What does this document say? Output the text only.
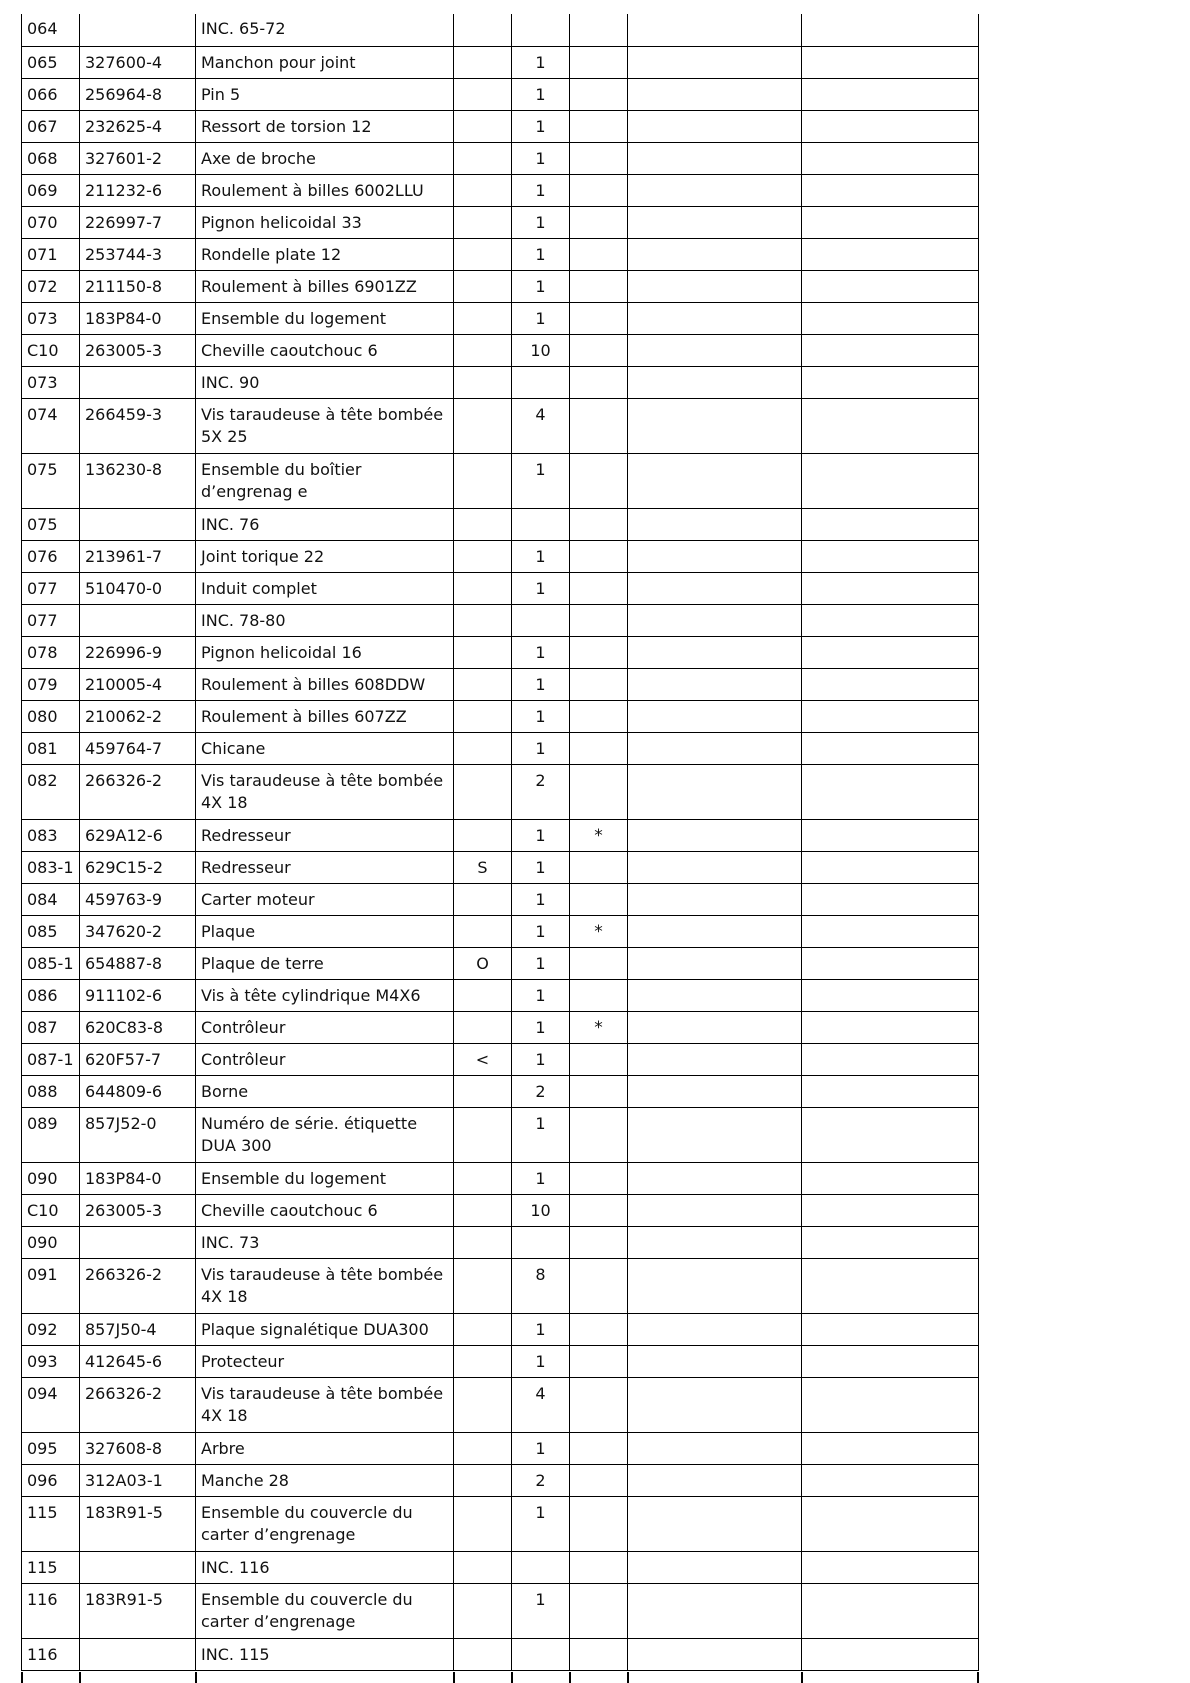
064		INC. 65-72					
065	327600-4	Manchon pour joint		1			
066	256964-8	Pin 5		1			
067	232625-4	Ressort de torsion 12		1			
068	327601-2	Axe de broche		1			
069	211232-6	Roulement à billes 6002LLU		1			
070	226997-7	Pignon helicoidal 33		1			
071	253744-3	Rondelle plate 12		1			
072	211150-8	Roulement à billes 6901ZZ		1			
073	183P84-0	Ensemble du logement		1			
C10	263005-3	Cheville caoutchouc 6		10			
073		INC. 90					
074	266459-3	Vis taraudeuse à tête bombée 5X 25		4			
075	136230-8	Ensemble du boîtier d’engrenag e		1			
075		INC. 76					
076	213961-7	Joint torique 22		1			
077	510470-0	Induit complet		1			
077		INC. 78-80					
078	226996-9	Pignon helicoidal 16		1			
079	210005-4	Roulement à billes 608DDW		1			
080	210062-2	Roulement à billes 607ZZ		1			
081	459764-7	Chicane		1			
082	266326-2	Vis taraudeuse à tête bombée 4X 18		2			
083	629A12-6	Redresseur		1	*		
083-1	629C15-2	Redresseur	S	1			
084	459763-9	Carter moteur		1			
085	347620-2	Plaque		1	*		
085-1	654887-8	Plaque de terre	O	1			
086	911102-6	Vis à tête cylindrique M4X6		1			
087	620C83-8	Contrôleur		1	*		
087-1	620F57-7	Contrôleur	<	1			
088	644809-6	Borne		2			
089	857J52-0	Numéro de série. étiquette DUA 300		1			
090	183P84-0	Ensemble du logement		1			
C10	263005-3	Cheville caoutchouc 6		10			
090		INC. 73					
091	266326-2	Vis taraudeuse à tête bombée 4X 18		8			
092	857J50-4	Plaque signalétique DUA300		1			
093	412645-6	Protecteur		1			
094	266326-2	Vis taraudeuse à tête bombée 4X 18		4			
095	327608-8	Arbre		1			
096	312A03-1	Manche 28		2			
115	183R91-5	Ensemble du couvercle du carter d’engrenage		1			
115		INC. 116					
116	183R91-5	Ensemble du couvercle du carter d’engrenage		1			
116		INC. 115					
